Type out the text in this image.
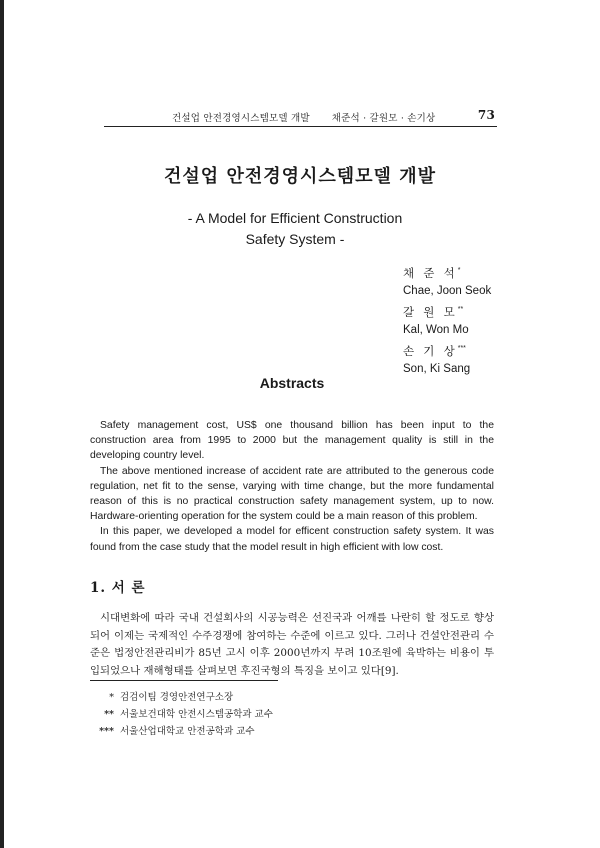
건설업 안전경영시스템모델 개발 채준석 · 갈원모 · 손기상	73
건설업 안전경영시스템모델 개발
- A Model for Efficient Construction
Safety System -
채 준 석*
Chae, Joon Seok
갈 원 모**
Kal, Won Mo
손 기 상***
Son, Ki Sang
Abstracts

Safety management cost, US$ one thousand billion has been input to the construction area from 1995 to 2000 but the management quality is still in the developing country level.

The above mentioned increase of accident rate are attributed to the generous code regulation, net fit to the sense, varying with time change, but the more fundamental reason of this is no practical construction safety management system, up to now. Hardware-orienting operation for the system could be a main reason of this problem.

In this paper, we developed a model for efficent construction safety system. It was found from the case study that the model result in high efficient with low cost.

1. 서 론

시대변화에 따라 국내 건설회사의 시공능력은 선진국과 어깨를 나란히 할 정도로 향상되어 이제는 국제적인 수주경쟁에 참여하는 수준에 이르고 있다. 그러나 건설안전관리 수준은 법정안전관리비가 85년 고시 이후 2000년까지 무려 10조원에 육박하는 비용이 투입되었으나 재해형태를 살펴보면 후진국형의 특징을 보이고 있다[9].

* 검검이팀 경영안전연구소장
** 서울보건대학 안전시스템공학과 교수
*** 서울산업대학교 안전공학과 교수
